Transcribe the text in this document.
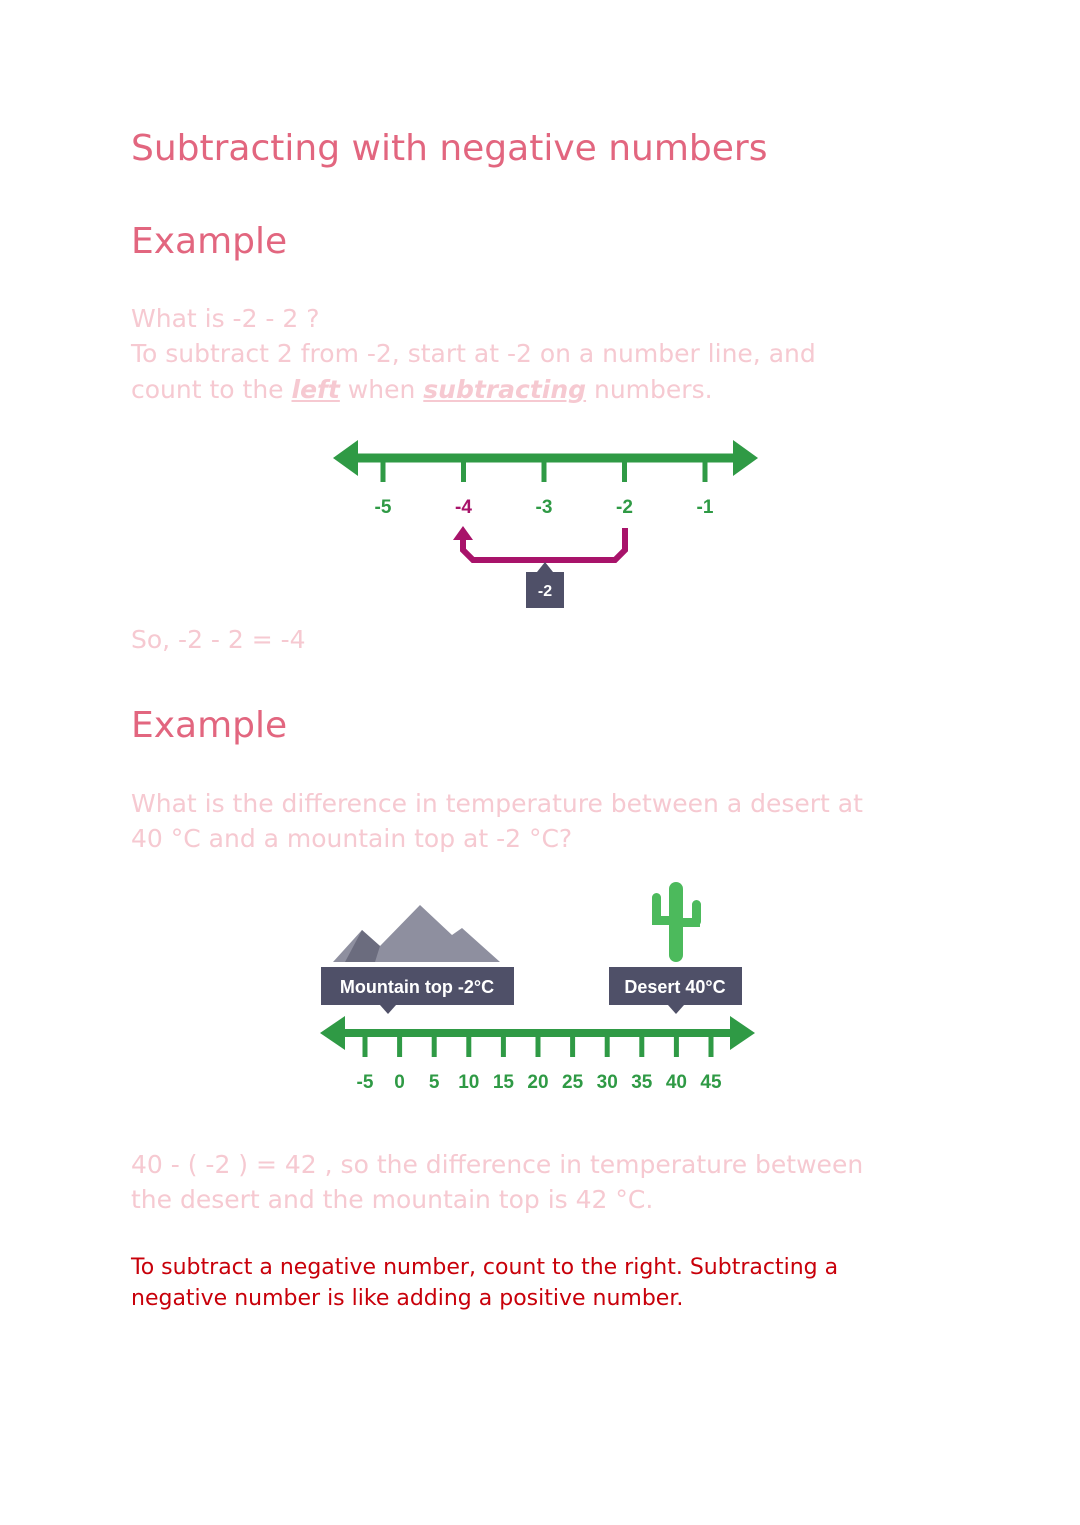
Subtracting with negative numbers
Example
What is -2 - 2 ?
To subtract 2 from -2, start at -2 on a number line, and
count to the left when subtracting numbers.
So, -2 - 2 = -4
Example
What is the difference in temperature between a desert at
40 °C and a mountain top at -2 °C?
40 - ( -2 ) = 42 , so the difference in temperature between
the desert and the mountain top is 42 °C.
To subtract a negative number, count to the right. Subtracting a
negative number is like adding a positive number.
-2
-5	-4	-3	-2	-1
Mountain top -2°C	Desert 40°C
-5 0 5 10 15 20 25 30 35 40 45
